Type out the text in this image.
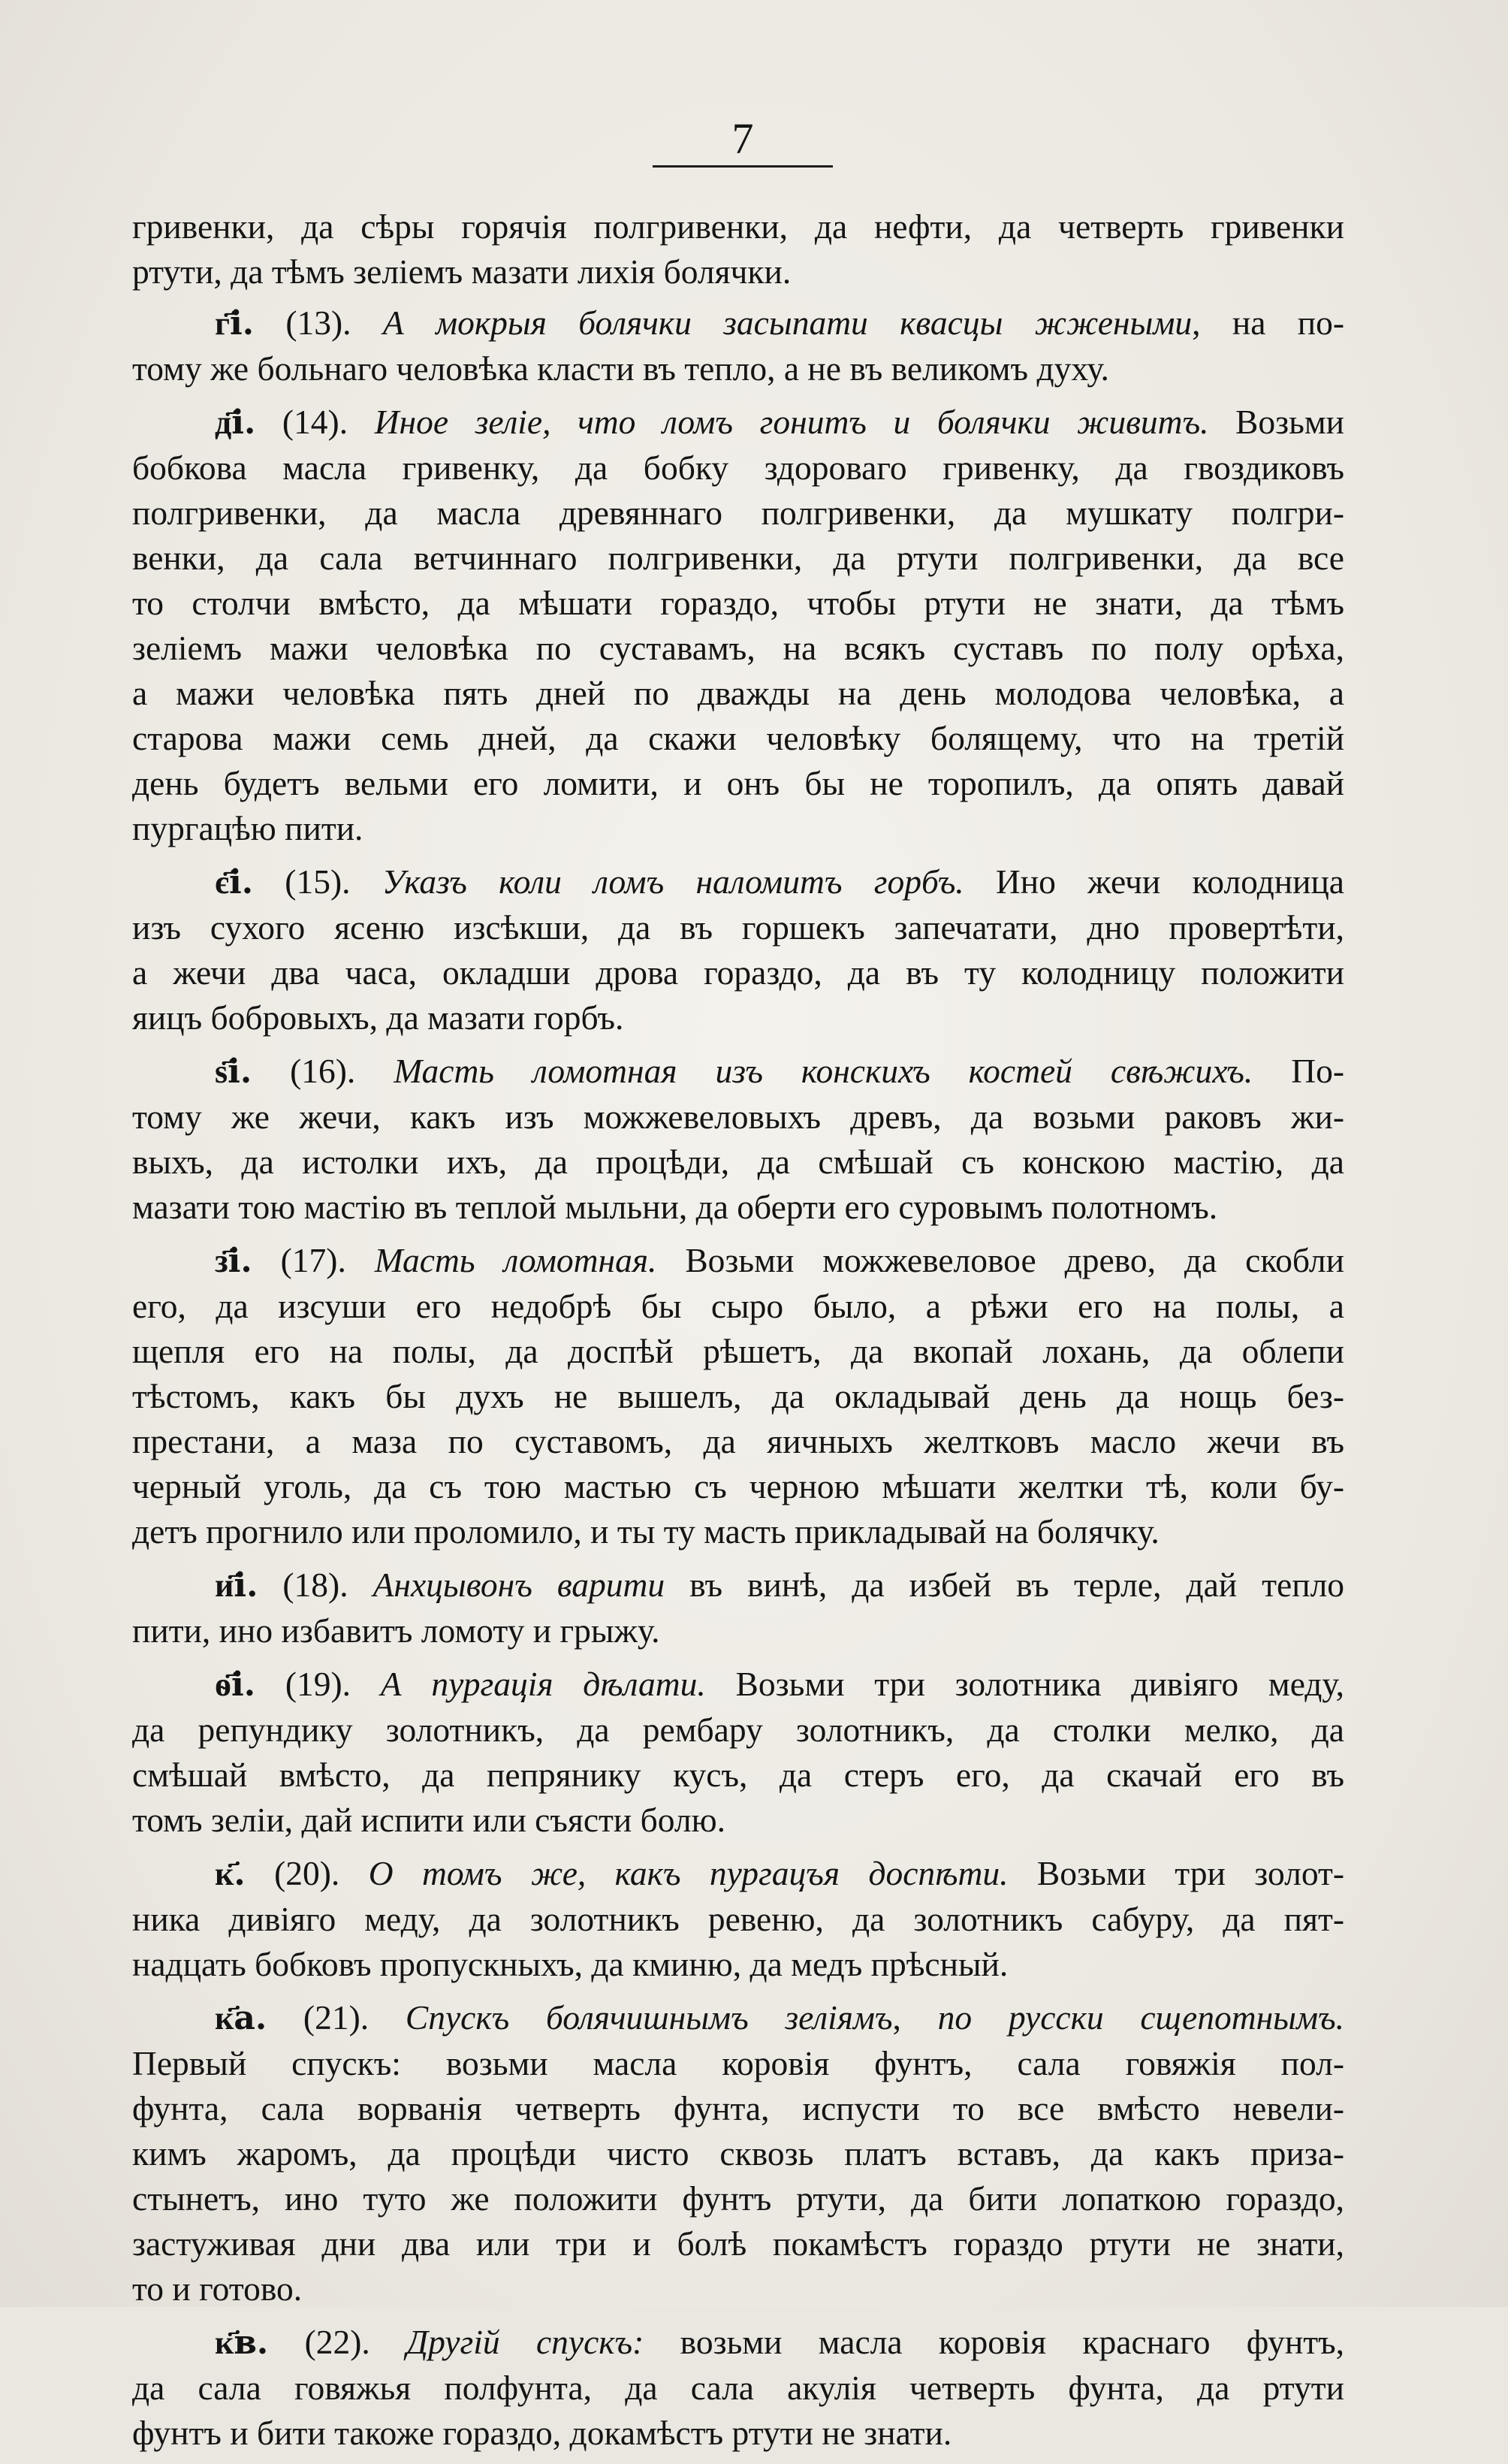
7
гривенки, да сѣры горячія полгривенки, да нефти, да четверть гривенки
ртути, да тѣмъ зеліемъ мазати лихія болячки.
г҃і. (13). А мокрыя болячки засыпати квасцы жжеными, на по-
тому же больнаго человѣка класти въ тепло, а не въ великомъ духу.
д҃і. (14). Иное зеліе, что ломъ гонитъ и болячки живитъ. Возьми
бобкова масла гривенку, да бобку здороваго гривенку, да гвоздиковъ
полгривенки, да масла древяннаго полгривенки, да мушкату полгри-
венки, да сала ветчиннаго полгривенки, да ртути полгривенки, да все
то столчи вмѣсто, да мѣшати гораздо, чтобы ртути не знати, да тѣмъ
зеліемъ мажи человѣка по суставамъ, на всякъ суставъ по полу орѣха,
а мажи человѣка пять дней по дважды на день молодова человѣка, а
старова мажи семь дней, да скажи человѣку болящему, что на третій
день будетъ вельми его ломити, и онъ бы не торопилъ, да опять давай
пургацѣю пити.
є҃і. (15). Указъ коли ломъ наломитъ горбъ. Ино жечи колодница
изъ сухого ясеню изсѣкши, да въ горшекъ запечатати, дно провертѣти,
а жечи два часа, окладши дрова гораздо, да въ ту колодницу положити
яицъ бобровыхъ, да мазати горбъ.
ѕ҃і. (16). Масть ломотная изъ конскихъ костей свѣжихъ. По-
тому же жечи, какъ изъ можжевеловыхъ древъ, да возьми раковъ жи-
выхъ, да истолки ихъ, да процѣди, да смѣшай съ конскою мастію, да
мазати тою мастію въ теплой мыльни, да оберти его суровымъ полотномъ.
з҃і. (17). Масть ломотная. Возьми можжевеловое древо, да скобли
его, да изсуши его недобрѣ бы сыро было, а рѣжи его на полы, а
щепля его на полы, да доспѣй рѣшетъ, да вкопай лохань, да облепи
тѣстомъ, какъ бы духъ не вышелъ, да окладывай день да нощь без-
престани, а маза по суставомъ, да яичныхъ желтковъ масло жечи въ
черный уголь, да съ тою мастью съ черною мѣшати желтки тѣ, коли бу-
детъ прогнило или проломило, и ты ту масть прикладывай на болячку.
и҃і. (18). Анхцывонъ варити въ винѣ, да избей въ терле, дай тепло
пити, ино избавитъ ломоту и грыжу.
ѳ҃і. (19). А пургація дѣлати. Возьми три золотника дивіяго меду,
да репундику золотникъ, да рембару золотникъ, да столки мелко, да
смѣшай вмѣсто, да пепрянику кусъ, да стеръ его, да скачай его въ
томъ зеліи, дай испити или съясти болю.
к҃. (20). О томъ же, какъ пургацъя доспѣти. Возьми три золот-
ника дивіяго меду, да золотникъ ревеню, да золотникъ сабуру, да пят-
надцать бобковъ пропускныхъ, да кминю, да медъ прѣсный.
к҃а. (21). Спускъ болячишнымъ зеліямъ, по русски сщепотнымъ.
Первый спускъ: возьми масла коровія фунтъ, сала говяжія пол-
фунта, сала ворванія четверть фунта, испусти то все вмѣсто невели-
кимъ жаромъ, да процѣди чисто сквозь платъ вставъ, да какъ приза-
стынетъ, ино туто же положити фунтъ ртути, да бити лопаткою гораздо,
застуживая дни два или три и болѣ покамѣстъ гораздо ртути не знати,
то и готово.
к҃в. (22). Другій спускъ: возьми масла коровія краснаго фунтъ,
да сала говяжья полфунта, да сала акулія четверть фунта, да ртути
фунтъ и бити такоже гораздо, докамѣстъ ртути не знати.
